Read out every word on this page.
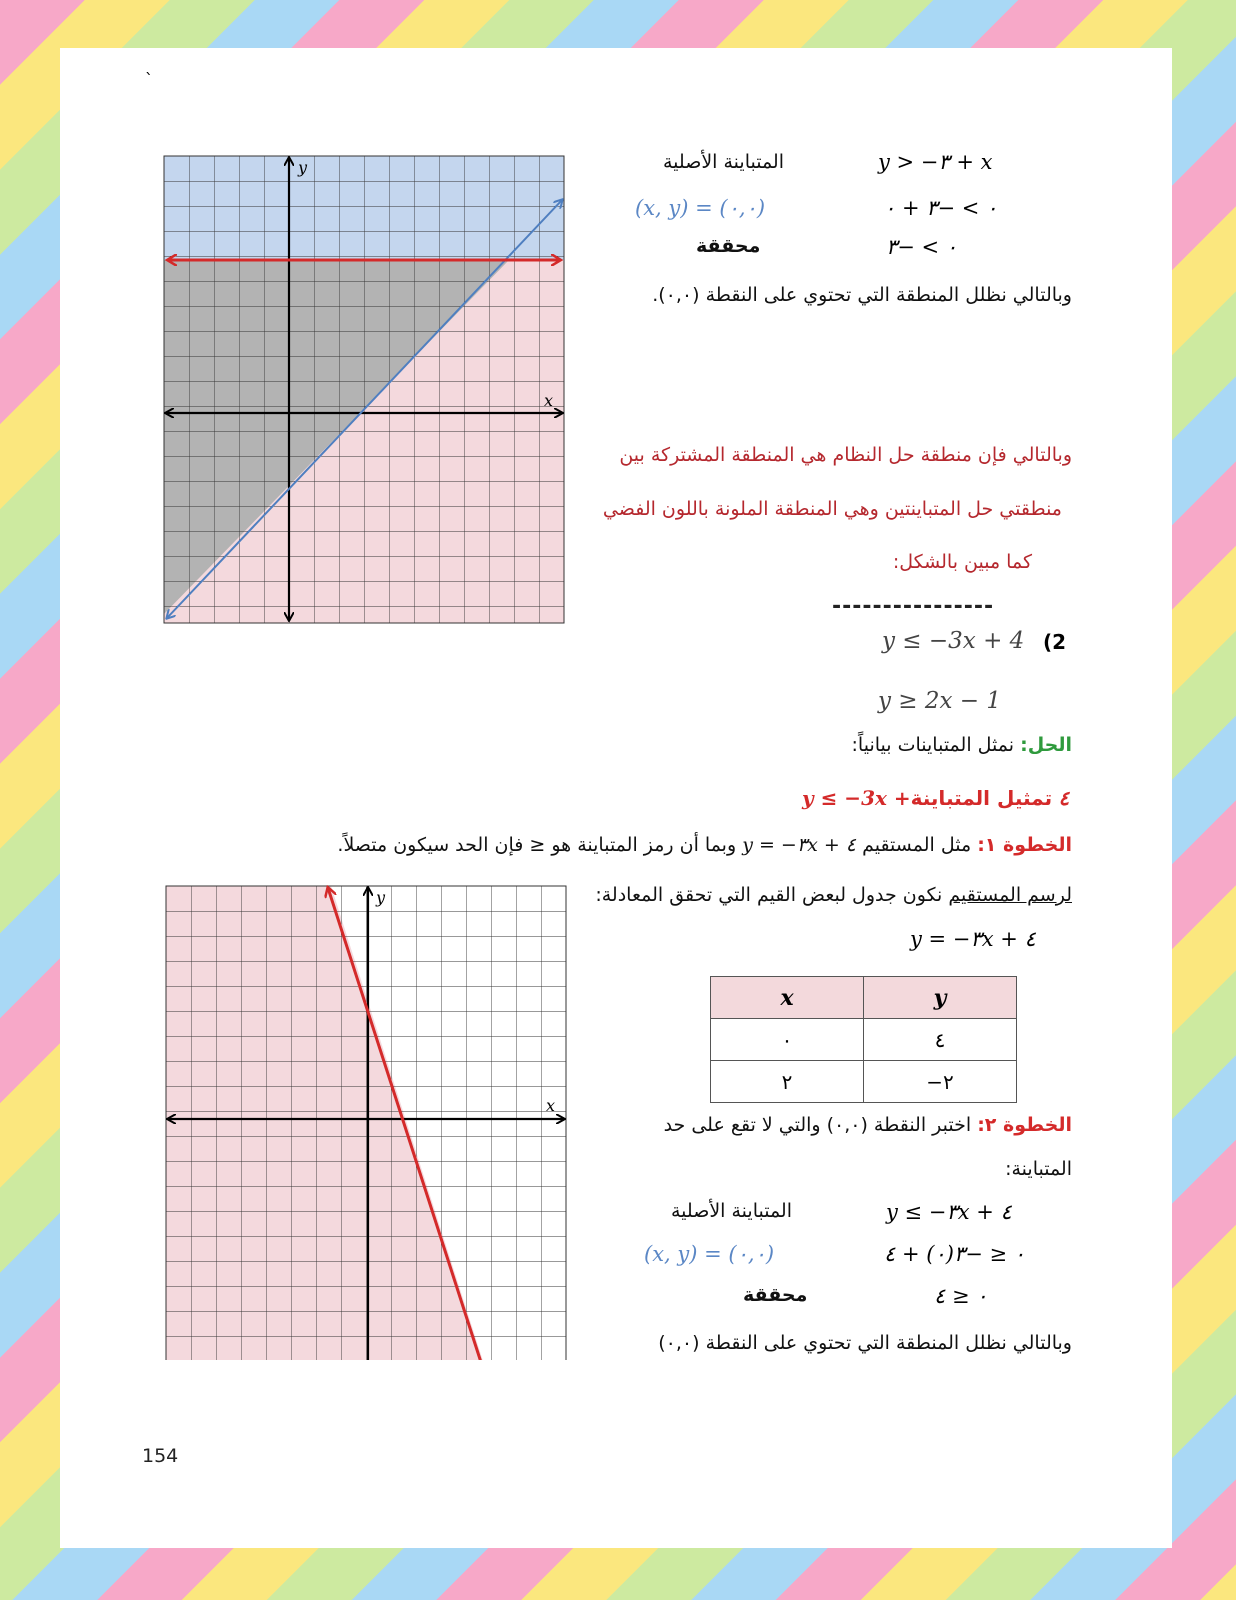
`
y
x
المتباينة الأصلية	y > −٣ + x
(x, y) = (٠,٠)	٠ > −٣ + ٠
محققة	٠ > −٣
وبالتالي نظلل المنطقة التي تحتوي على النقطة (٠,٠).
وبالتالي فإن منطقة حل النظام هي المنطقة المشتركة بين
منطقتي حل المتباينتين وهي المنطقة الملونة باللون الفضي
كما مبين بالشكل:
----------------
(2
y ≤ −3x + 4
y ≥ 2x − 1
الحل: نمثل المتباينات بيانياً:
y ≤ −3x +٤ تمثيل المتباينة
الخطوة ١: مثل المستقيم y = −٣x + ٤ وبما أن رمز المتباينة هو ≤ فإن الحد سيكون متصلاً.
لرسم المستقيم نكون جدول لبعض القيم التي تحقق المعادلة:
y = −٣x + ٤
x	y
٠	٤
٢	−٢
y
x
الخطوة ٢: اختبر النقطة (٠,٠) والتي لا تقع على حد
المتباينة:
المتباينة الأصلية	y ≤ −٣x + ٤
(x, y) = (٠,٠)	٠ ≤ −٣(٠) + ٤
محققة	٠ ≤ ٤
وبالتالي نظلل المنطقة التي تحتوي على النقطة (٠,٠)
154
